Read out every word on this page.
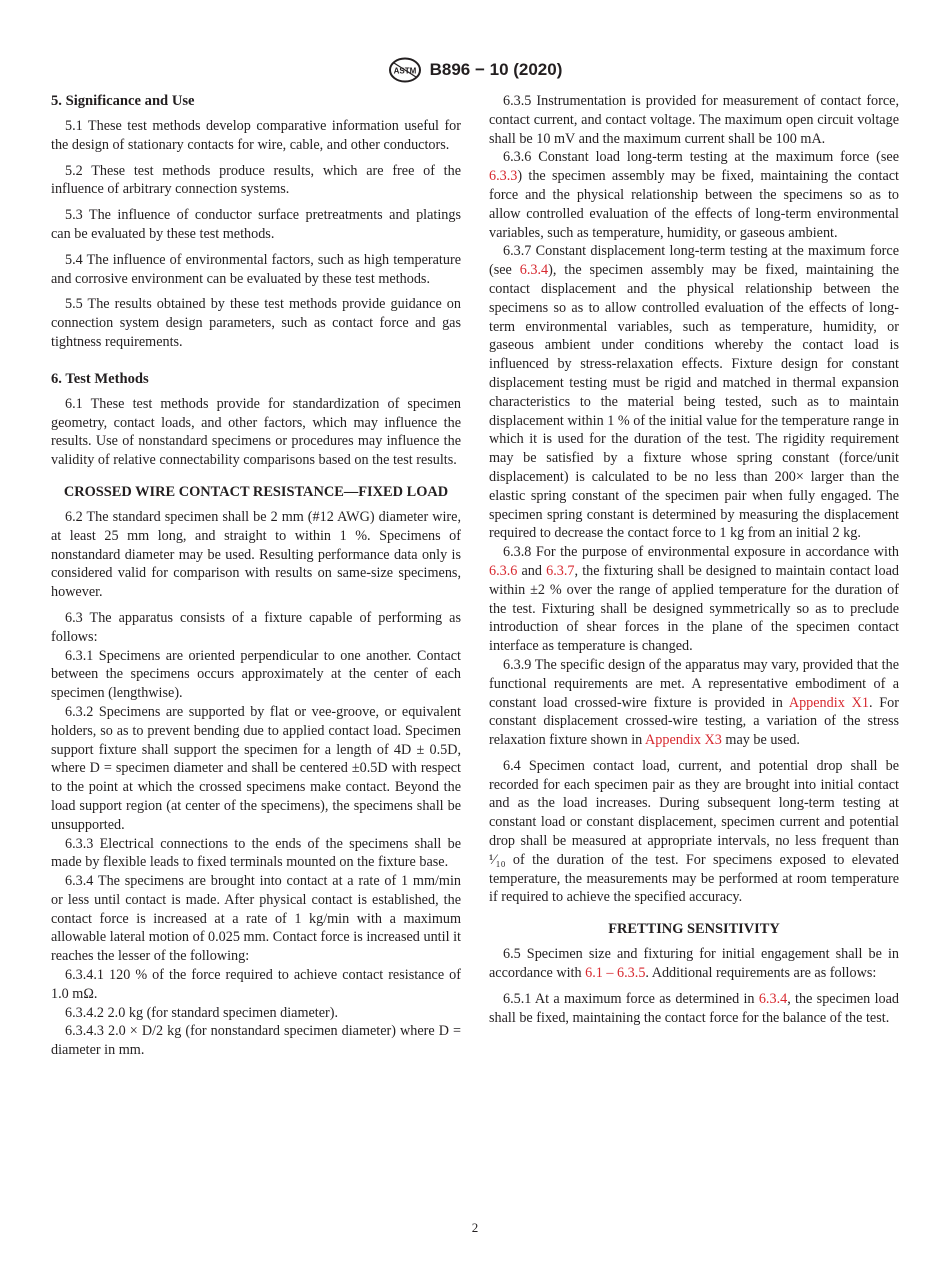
ASTM B896 − 10 (2020)
5. Significance and Use

5.1 These test methods develop comparative information useful for the design of stationary contacts for wire, cable, and other conductors.

5.2 These test methods produce results, which are free of the influence of arbitrary connection systems.

5.3 The influence of conductor surface pretreatments and platings can be evaluated by these test methods.

5.4 The influence of environmental factors, such as high temperature and corrosive environment can be evaluated by these test methods.

5.5 The results obtained by these test methods provide guidance on connection system design parameters, such as contact force and gas tightness requirements.

6. Test Methods

6.1 These test methods provide for standardization of specimen geometry, contact loads, and other factors, which may influence the results. Use of nonstandard specimens or procedures may influence the validity of relative connectability comparisons based on the test results.

CROSSED WIRE CONTACT RESISTANCE—FIXED LOAD

6.2 The standard specimen shall be 2 mm (#12 AWG) diameter wire, at least 25 mm long, and straight to within 1 %. Specimens of nonstandard diameter may be used. Resulting performance data only is considered valid for comparison with results on same-size specimens, however.

6.3 The apparatus consists of a fixture capable of performing as follows:

6.3.1 Specimens are oriented perpendicular to one another. Contact between the specimens occurs approximately at the center of each specimen (lengthwise).

6.3.2 Specimens are supported by flat or vee-groove, or equivalent holders, so as to prevent bending due to applied contact load. Specimen support fixture shall support the specimen for a length of 4D ± 0.5D, where D = specimen diameter and shall be centered ±0.5D with respect to the point at which the crossed specimens make contact. Beyond the load support region (at center of the specimens), the specimens shall be unsupported.

6.3.3 Electrical connections to the ends of the specimens shall be made by flexible leads to fixed terminals mounted on the fixture base.

6.3.4 The specimens are brought into contact at a rate of 1 mm/min or less until contact is made. After physical contact is established, the contact force is increased at a rate of 1 kg/min with a maximum allowable lateral motion of 0.025 mm. Contact force is increased until it reaches the lesser of the following:

6.3.4.1 120 % of the force required to achieve contact resistance of 1.0 mΩ.

6.3.4.2 2.0 kg (for standard specimen diameter).

6.3.4.3 2.0 × D/2 kg (for nonstandard specimen diameter) where D = diameter in mm.

6.3.5 Instrumentation is provided for measurement of contact force, contact current, and contact voltage. The maximum open circuit voltage shall be 10 mV and the maximum current shall be 100 mA.

6.3.6 Constant load long-term testing at the maximum force (see 6.3.3) the specimen assembly may be fixed, maintaining the contact force and the physical relationship between the specimens so as to allow controlled evaluation of the effects of long-term environmental variables, such as temperature, humidity, or gaseous ambient.

6.3.7 Constant displacement long-term testing at the maximum force (see 6.3.4), the specimen assembly may be fixed, maintaining the contact displacement and the physical relationship between the specimens so as to allow controlled evaluation of the effects of long-term environmental variables, such as temperature, humidity, or gaseous ambient under conditions whereby the contact load is influenced by stress-relaxation effects. Fixture design for constant displacement testing must be rigid and matched in thermal expansion characteristics to the material being tested, such as to maintain displacement within 1 % of the initial value for the temperature range in which it is used for the duration of the test. The rigidity requirement may be satisfied by a fixture whose spring constant (force/unit displacement) is calculated to be no less than 200× larger than the elastic spring constant of the specimen pair when fully engaged. The specimen spring constant is determined by measuring the displacement required to decrease the contact force to 1 kg from an initial 2 kg.

6.3.8 For the purpose of environmental exposure in accordance with 6.3.6 and 6.3.7, the fixturing shall be designed to maintain contact load within ±2 % over the range of applied temperature for the duration of the test. Fixturing shall be designed symmetrically so as to preclude introduction of shear forces in the plane of the specimen contact interface as temperature is changed.

6.3.9 The specific design of the apparatus may vary, provided that the functional requirements are met. A representative embodiment of a constant load crossed-wire fixture is provided in Appendix X1. For constant displacement crossed-wire testing, a variation of the stress relaxation fixture shown in Appendix X3 may be used.

6.4 Specimen contact load, current, and potential drop shall be recorded for each specimen pair as they are brought into initial contact and as the load increases. During subsequent long-term testing at constant load or constant displacement, specimen current and potential drop shall be measured at appropriate intervals, no less frequent than ¹⁄₁₀ of the duration of the test. For specimens exposed to elevated temperature, the measurements may be performed at room temperature if required to achieve the specified accuracy.

FRETTING SENSITIVITY

6.5 Specimen size and fixturing for initial engagement shall be in accordance with 6.1 – 6.3.5. Additional requirements are as follows:

6.5.1 At a maximum force as determined in 6.3.4, the specimen load shall be fixed, maintaining the contact force for the balance of the test.

2
